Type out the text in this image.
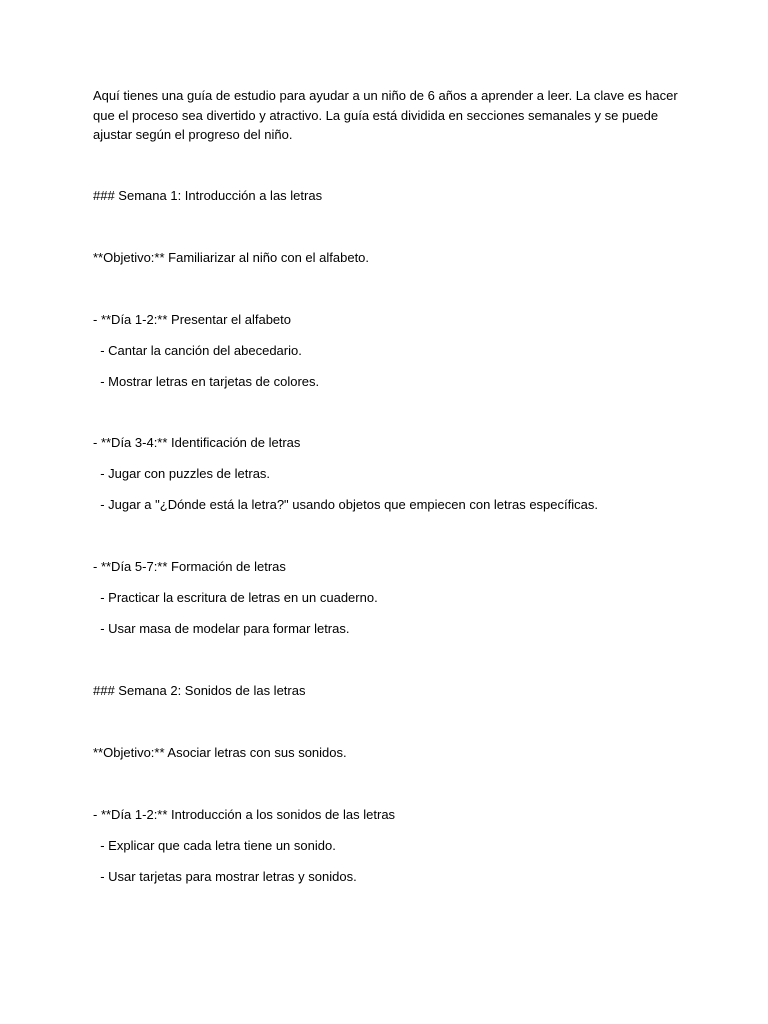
Aquí tienes una guía de estudio para ayudar a un niño de 6 años a aprender a leer. La clave es hacer que el proceso sea divertido y atractivo. La guía está dividida en secciones semanales y se puede ajustar según el progreso del niño.

### Semana 1: Introducción a las letras

**Objetivo:** Familiarizar al niño con el alfabeto.

- **Día 1-2:** Presentar el alfabeto

- Cantar la canción del abecedario.

- Mostrar letras en tarjetas de colores.

- **Día 3-4:** Identificación de letras

- Jugar con puzzles de letras.

- Jugar a "¿Dónde está la letra?" usando objetos que empiecen con letras específicas.

- **Día 5-7:** Formación de letras

- Practicar la escritura de letras en un cuaderno.

- Usar masa de modelar para formar letras.

### Semana 2: Sonidos de las letras

**Objetivo:** Asociar letras con sus sonidos.

- **Día 1-2:** Introducción a los sonidos de las letras

- Explicar que cada letra tiene un sonido.

- Usar tarjetas para mostrar letras y sonidos.
